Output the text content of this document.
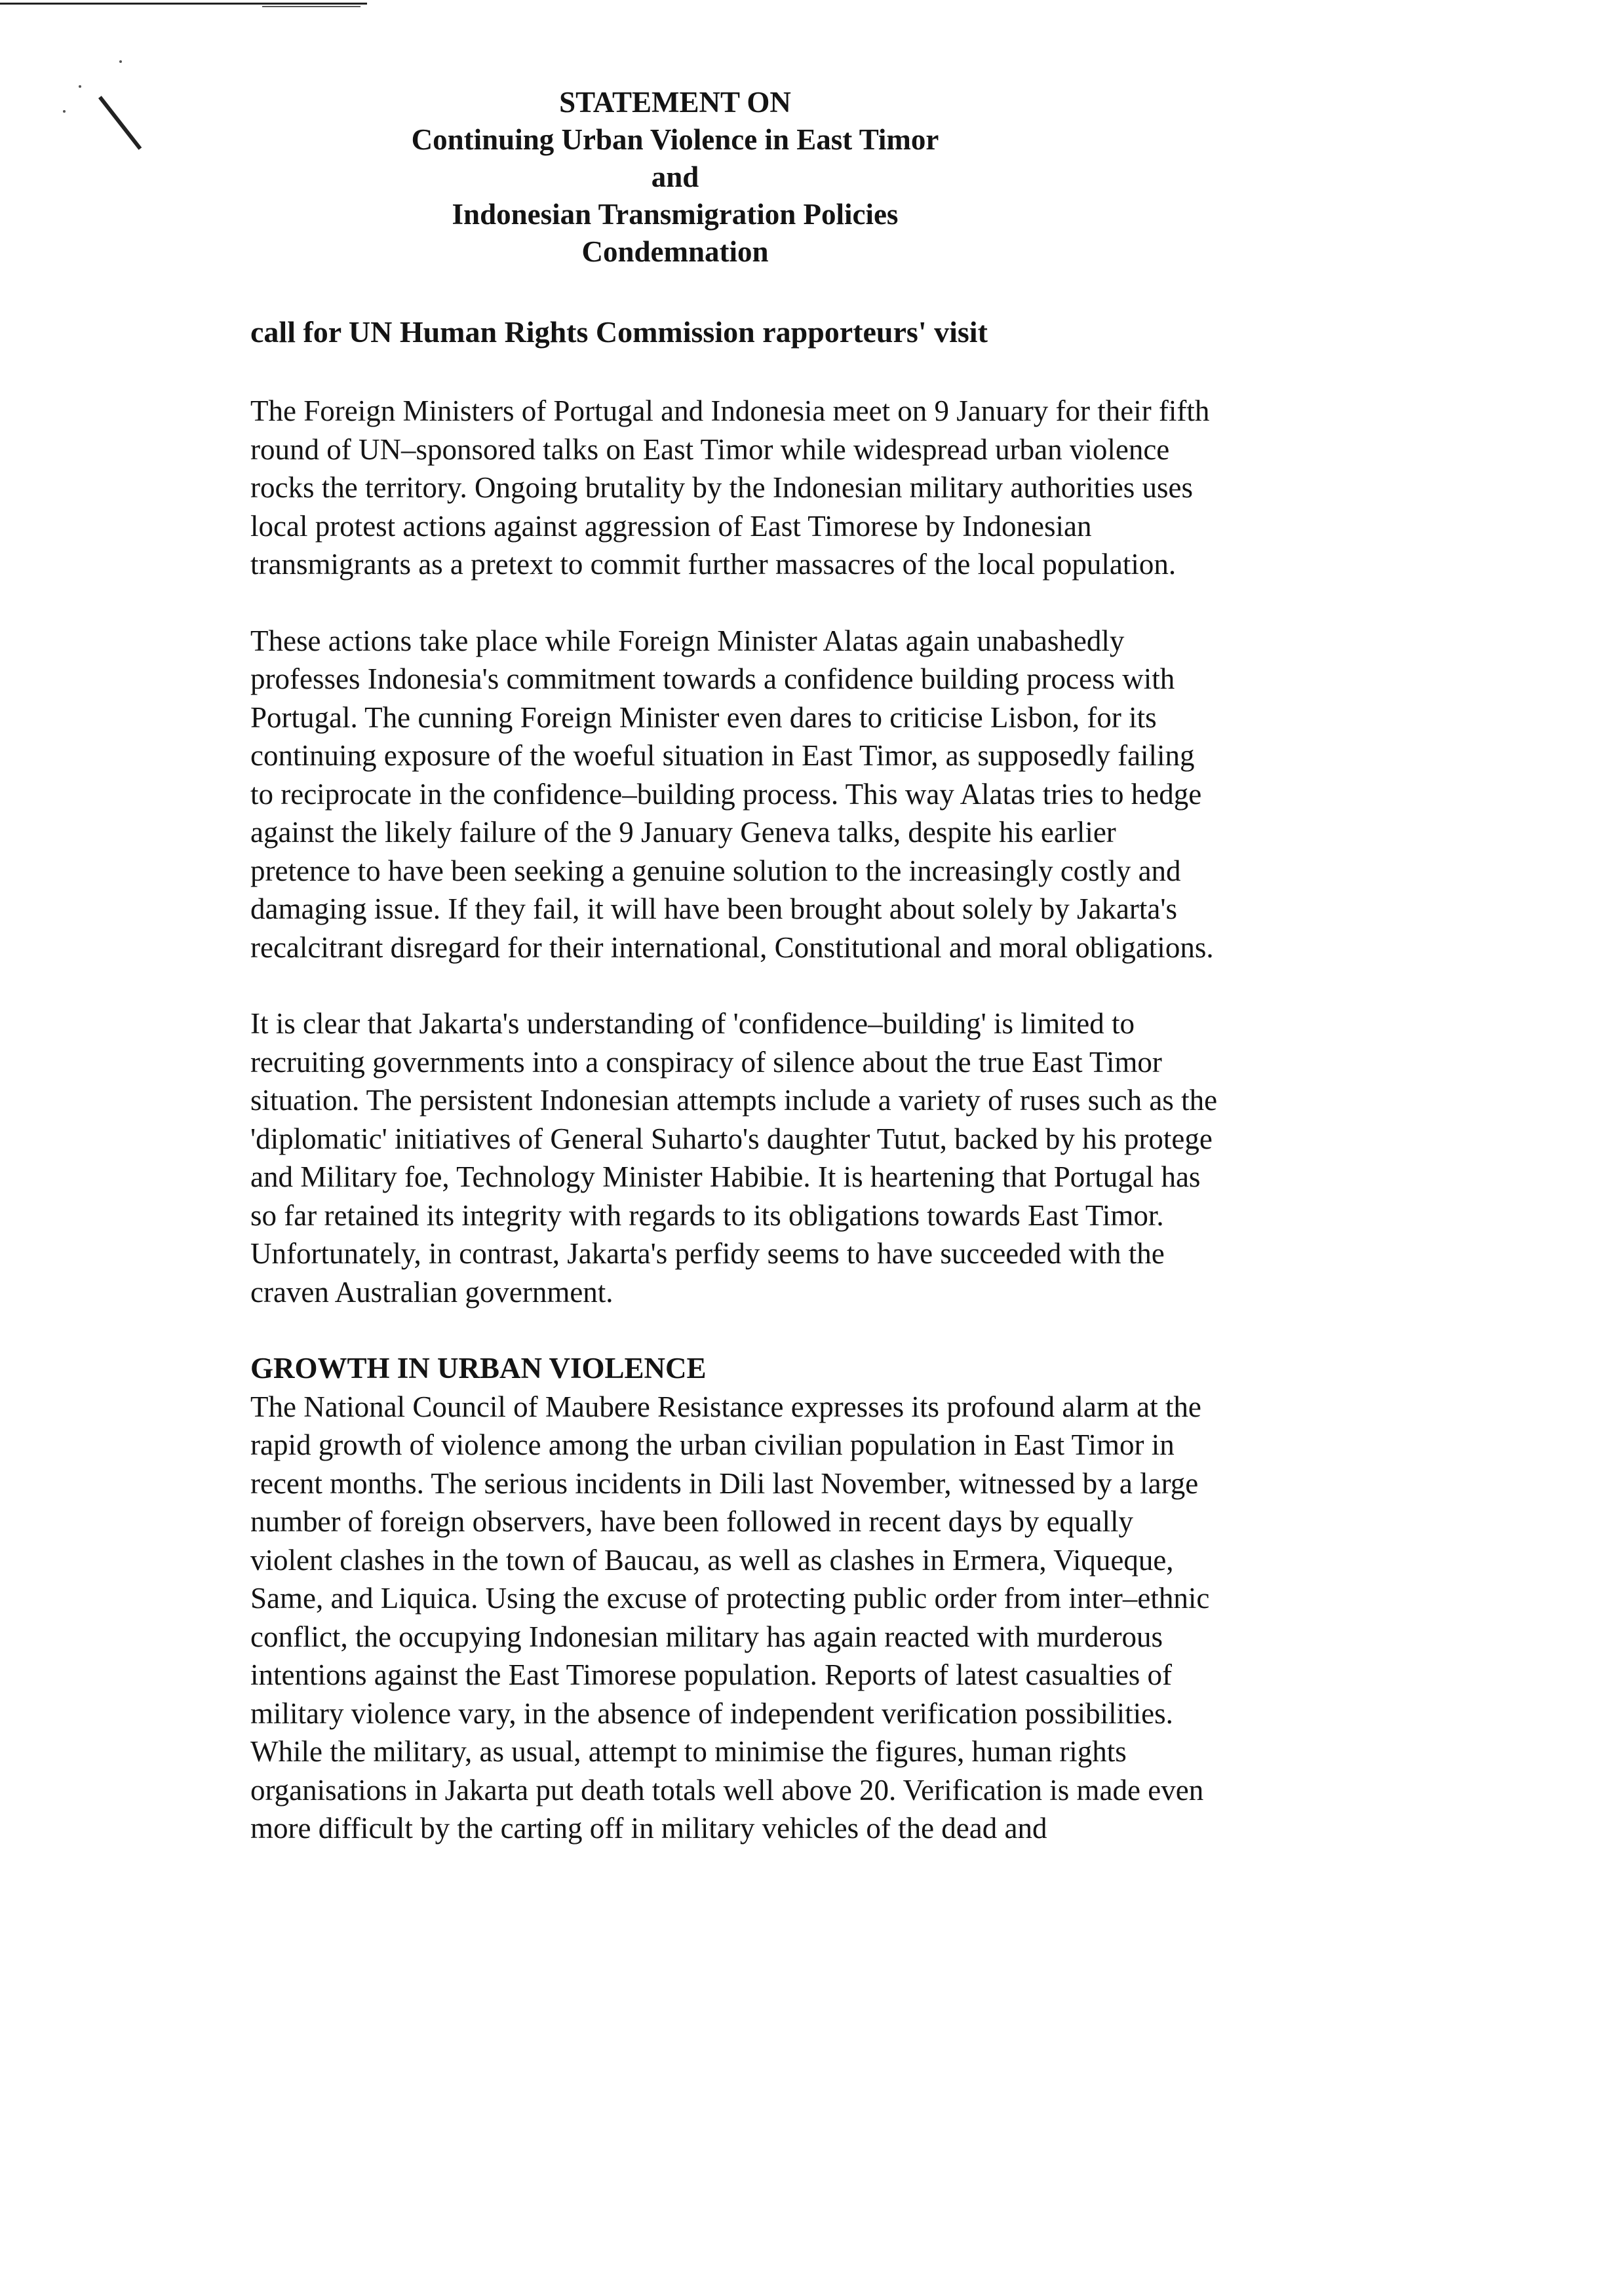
STATEMENT ON
Continuing Urban Violence in East Timor
and
Indonesian Transmigration Policies
Condemnation
call for UN Human Rights Commission rapporteurs' visit

The Foreign Ministers of Portugal and Indonesia meet on 9 January for their fifth round of UN–sponsored talks on East Timor while widespread urban violence rocks the territory. Ongoing brutality by the Indonesian military authorities uses local protest actions against aggression of East Timorese by Indonesian transmigrants as a pretext to commit further massacres of the local population.

These actions take place while Foreign Minister Alatas again unabashedly professes Indonesia's commitment towards a confidence building process with Portugal. The cunning Foreign Minister even dares to criticise Lisbon, for its continuing exposure of the woeful situation in East Timor, as supposedly failing to reciprocate in the confidence–building process. This way Alatas tries to hedge against the likely failure of the 9 January Geneva talks, despite his earlier pretence to have been seeking a genuine solution to the increasingly costly and damaging issue. If they fail, it will have been brought about solely by Jakarta's recalcitrant disregard for their international, Constitutional and moral obligations.

It is clear that Jakarta's understanding of 'confidence–building' is limited to recruiting governments into a conspiracy of silence about the true East Timor situation. The persistent Indonesian attempts include a variety of ruses such as the 'diplomatic' initiatives of General Suharto's daughter Tutut, backed by his protege and Military foe, Technology Minister Habibie. It is heartening that Portugal has so far retained its integrity with regards to its obligations towards East Timor. Unfortunately, in contrast, Jakarta's perfidy seems to have succeeded with the craven Australian government.

GROWTH IN URBAN VIOLENCE

The National Council of Maubere Resistance expresses its profound alarm at the rapid growth of violence among the urban civilian population in East Timor in recent months. The serious incidents in Dili last November, witnessed by a large number of foreign observers, have been followed in recent days by equally violent clashes in the town of Baucau, as well as clashes in Ermera, Viqueque, Same, and Liquica. Using the excuse of protecting public order from inter–ethnic conflict, the occupying Indonesian military has again reacted with murderous intentions against the East Timorese population. Reports of latest casualties of military violence vary, in the absence of independent verification possibilities. While the military, as usual, attempt to minimise the figures, human rights organisations in Jakarta put death totals well above 20. Verification is made even more difficult by the carting off in military vehicles of the dead and
